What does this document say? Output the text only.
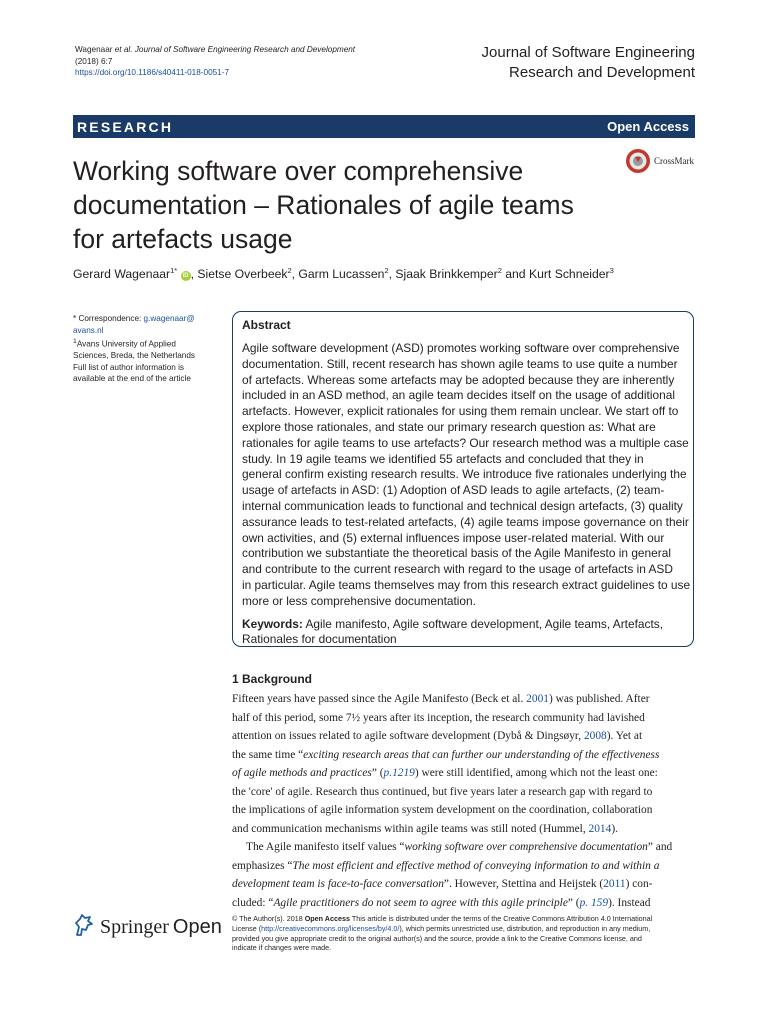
Wagenaar et al. Journal of Software Engineering Research and Development
(2018) 6:7
https://doi.org/10.1186/s40411-018-0051-7
Journal of Software Engineering
Research and Development
RESEARCH	Open Access
Working software over comprehensive
documentation – Rationales of agile teams
for artefacts usage
CrossMark
Gerard Wagenaar$^{1*}$ iD , Sietse Overbeek$^2$, Garm Lucassen$^2$, Sjaak Brinkkemper$^2$ and Kurt Schneider$^3$
* Correspondence: g.wagenaar@
avans.nl
$^1$Avans University of Applied
Sciences, Breda, the Netherlands
Full list of author information is
available at the end of the article
Abstract
Agile software development (ASD) promotes working software over comprehensive
documentation. Still, recent research has shown agile teams to use quite a number
of artefacts. Whereas some artefacts may be adopted because they are inherently
included in an ASD method, an agile team decides itself on the usage of additional
artefacts. However, explicit rationales for using them remain unclear. We start off to
explore those rationales, and state our primary research question as: What are
rationales for agile teams to use artefacts? Our research method was a multiple case
study. In 19 agile teams we identified 55 artefacts and concluded that they in
general confirm existing research results. We introduce five rationales underlying the
usage of artefacts in ASD: (1) Adoption of ASD leads to agile artefacts, (2) team-
internal communication leads to functional and technical design artefacts, (3) quality
assurance leads to test-related artefacts, (4) agile teams impose governance on their
own activities, and (5) external influences impose user-related material. With our
contribution we substantiate the theoretical basis of the Agile Manifesto in general
and contribute to the current research with regard to the usage of artefacts in ASD
in particular. Agile teams themselves may from this research extract guidelines to use
more or less comprehensive documentation.
Keywords: Agile manifesto, Agile software development, Agile teams, Artefacts,
Rationales for documentation
1 Background
Fifteen years have passed since the Agile Manifesto (Beck et al. 2001) was published. After
half of this period, some 7½ years after its inception, the research community had lavished
attention on issues related to agile software development (Dybå & Dingsøyr, 2008). Yet at
the same time “exciting research areas that can further our understanding of the effectiveness
of agile methods and practices” (p.1219) were still identified, among which not the least one:
the 'core' of agile. Research thus continued, but five years later a research gap with regard to
the implications of agile information system development on the coordination, collaboration
and communication mechanisms within agile teams was still noted (Hummel, 2014).
The Agile manifesto itself values “working software over comprehensive documentation” and
emphasizes “The most efficient and effective method of conveying information to and within a
development team is face-to-face conversation”. However, Stettina and Heijstek (2011) con-
cluded: “Agile practitioners do not seem to agree with this agile principle” (p. 159). Instead
Springer Open © The Author(s). 2018 Open Access This article is distributed under the terms of the Creative Commons Attribution 4.0 International
License (http://creativecommons.org/licenses/by/4.0/), which permits unrestricted use, distribution, and reproduction in any medium,
provided you give appropriate credit to the original author(s) and the source, provide a link to the Creative Commons license, and
indicate if changes were made.
